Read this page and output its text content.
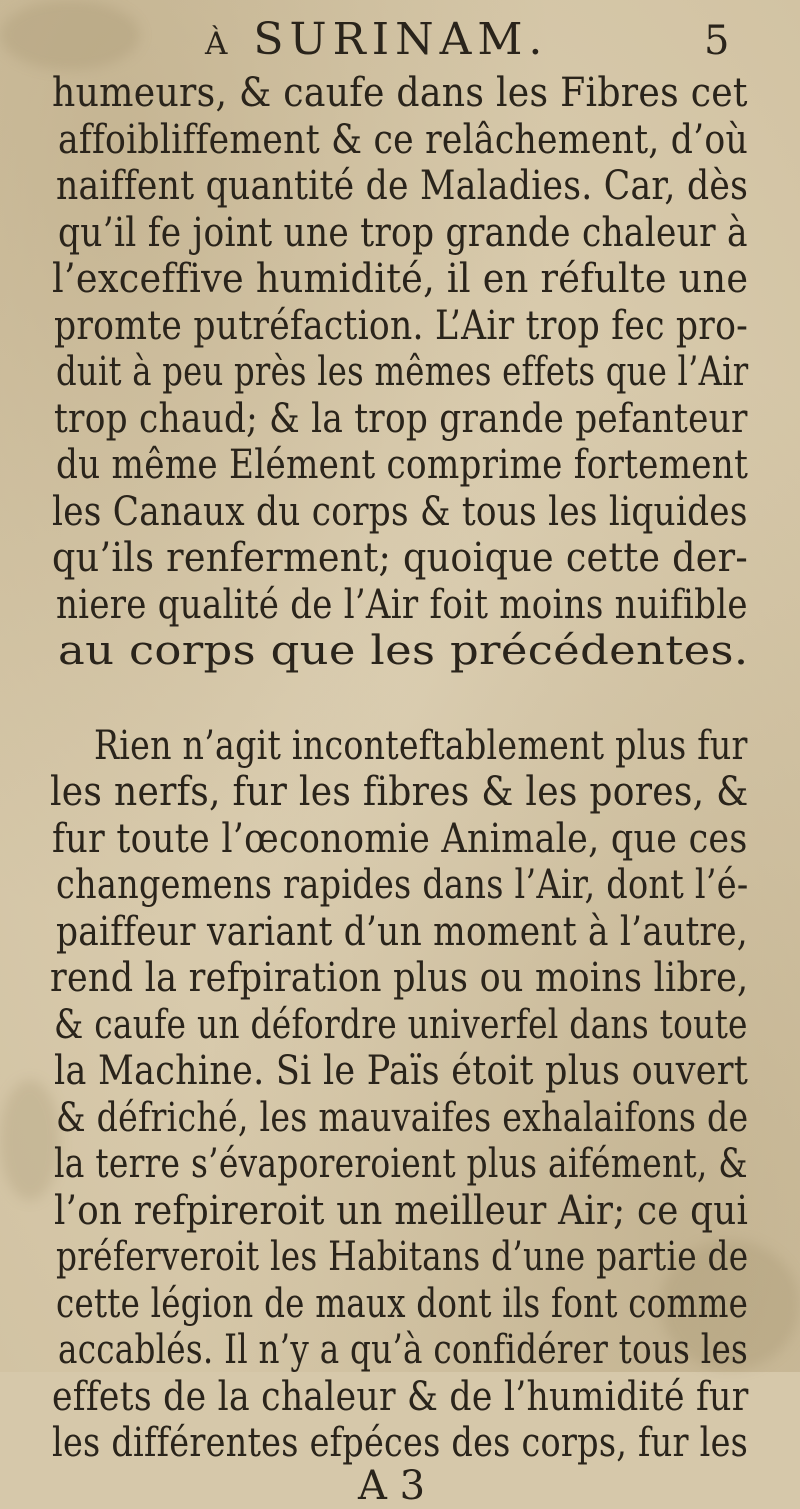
à SURINAM.	5
humeurs, & caufe dans les Fibres cet
affoibliffement & ce relâchement, d’où
naiffent quantité de Maladies. Car, dès
qu’il fe joint une trop grande chaleur à
l’exceffive humidité, il en réfulte une
promte putréfaction. L’Air trop fec pro-
duit à peu près les mêmes effets que l’Air
trop chaud; & la trop grande pefanteur
du même Elément comprime fortement
les Canaux du corps & tous les liquides
qu’ils renferment; quoique cette der-
niere qualité de l’Air foit moins nuifible
au corps que les précédentes.
Rien n’agit inconteftablement plus fur
les nerfs, fur les fibres & les pores, &
fur toute l’œconomie Animale, que ces
changemens rapides dans l’Air, dont l’é-
paiffeur variant d’un moment à l’autre,
rend la refpiration plus ou moins libre,
& caufe un défordre univerfel dans toute
la Machine. Si le Païs étoit plus ouvert
& défriché, les mauvaifes exhalaifons de
la terre s’évaporeroient plus aifément, &
l’on refpireroit un meilleur Air; ce qui
préferveroit les Habitans d’une partie de
cette légion de maux dont ils font comme
accablés. Il n’y a qu’à confidérer tous les
effets de la chaleur & de l’humidité fur
les différentes efpéces des corps, fur les
A 3
